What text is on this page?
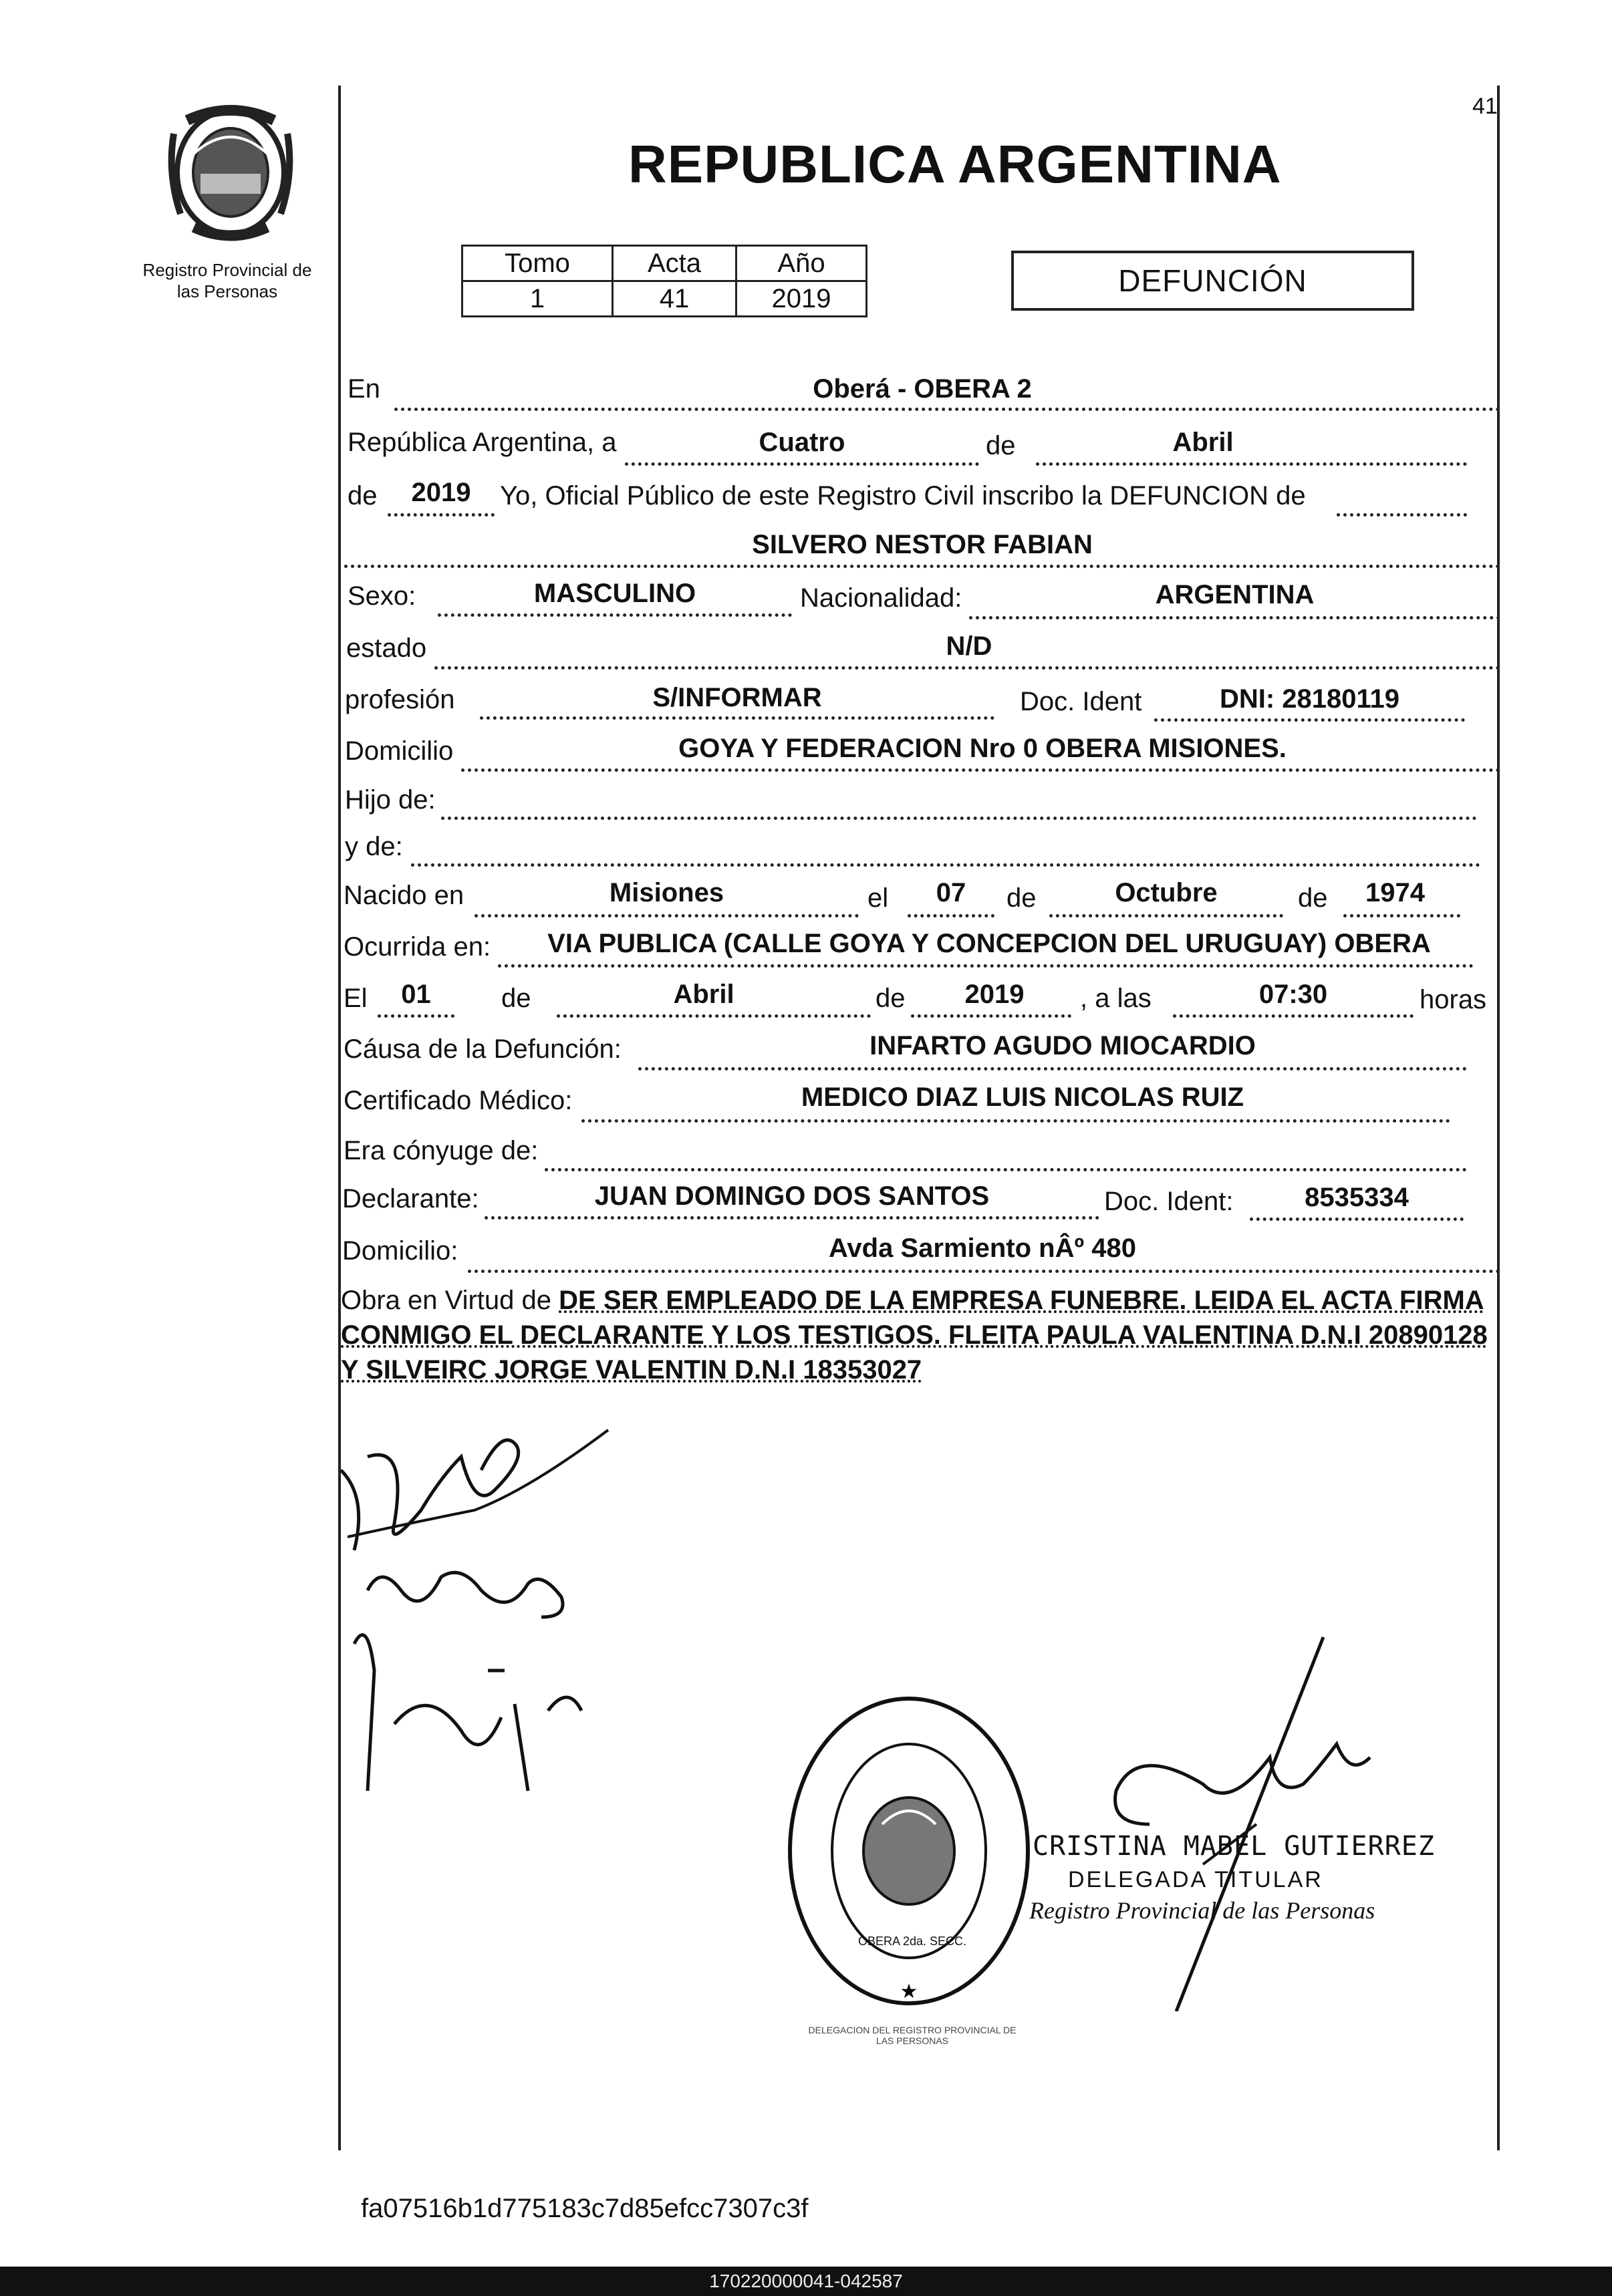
41
Registro Provincial de las Personas
REPUBLICA ARGENTINA
Tomo	Acta	Año
1	41	2019
DEFUNCIÓN
En	Oberá - OBERA 2
República Argentina, a	Cuatro	de	Abril
de	2019	Yo, Oficial Público de este Registro Civil inscribo la DEFUNCION de
SILVERO NESTOR FABIAN
Sexo:	MASCULINO	Nacionalidad:	ARGENTINA
estado	N/D
profesión	S/INFORMAR	Doc. Ident	DNI: 28180119
Domicilio	GOYA Y FEDERACION Nro 0 OBERA MISIONES.
Hijo de:
y de:
Nacido en	Misiones	el	07	de	Octubre	de	1974
Ocurrida en:	VIA PUBLICA (CALLE GOYA Y CONCEPCION DEL URUGUAY) OBERA
El	01	de	Abril	de	2019	, a las	07:30	horas
Cáusa de la Defunción:	INFARTO AGUDO MIOCARDIO
Certificado Médico:	MEDICO DIAZ LUIS NICOLAS RUIZ
Era cónyuge de:
Declarante:	JUAN DOMINGO DOS SANTOS	Doc. Ident:	8535334
Domicilio:	Avda Sarmiento nÂº 480
Obra en Virtud de DE SER EMPLEADO DE LA EMPRESA FUNEBRE. LEIDA EL ACTA FIRMA CONMIGO EL DECLARANTE Y LOS TESTIGOS. FLEITA PAULA VALENTINA D.N.I 20890128 Y SILVEIRC JORGE VALENTIN D.N.I 18353027
★
DELEGACION DEL REGISTRO PROVINCIAL DE LAS PERSONAS
OBERA 2da. SECC.
CRISTINA MABEL GUTIERREZ
DELEGADA TITULAR
Registro Provincial de las Personas
fa07516b1d775183c7d85efcc7307c3f
170220000041-042587
